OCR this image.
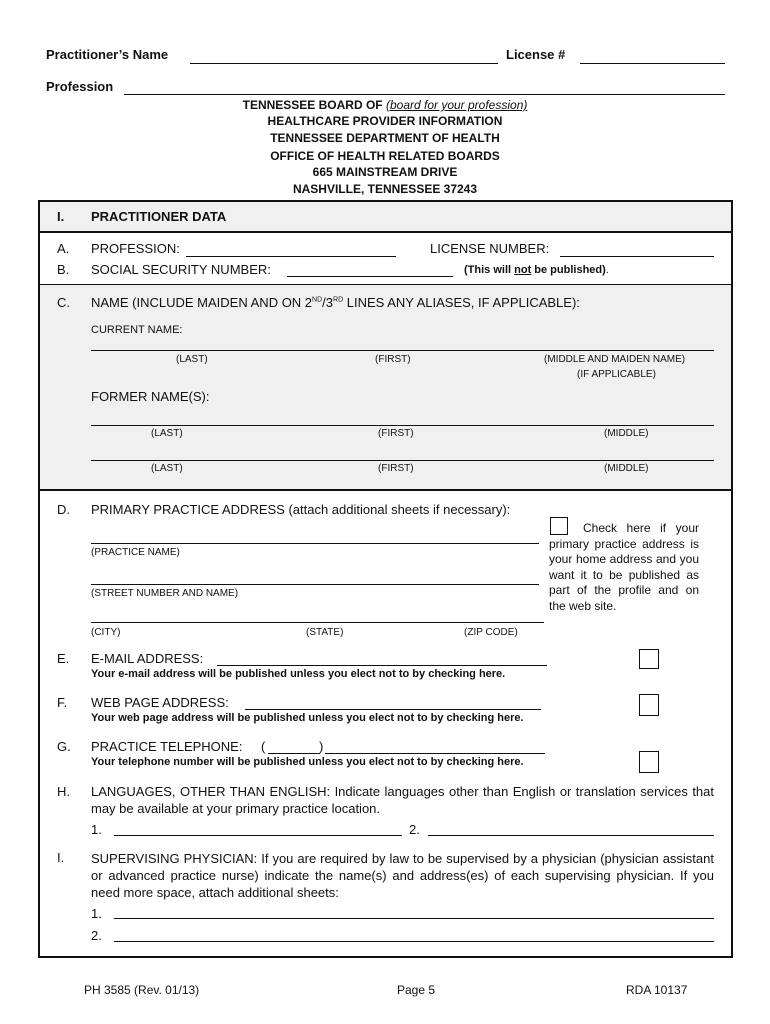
Practitioner’s Name	License #
Profession
TENNESSEE BOARD OF (board for your profession)
HEALTHCARE PROVIDER INFORMATION
TENNESSEE DEPARTMENT OF HEALTH
OFFICE OF HEALTH RELATED BOARDS
665 MAINSTREAM DRIVE
NASHVILLE, TENNESSEE 37243
I. PRACTITIONER DATA
A. PROFESSION:	LICENSE NUMBER:
B. SOCIAL SECURITY NUMBER:	(This will not be published).
C. NAME (INCLUDE MAIDEN AND ON 2ND/3RD LINES ANY ALIASES, IF APPLICABLE):
CURRENT NAME:
(LAST)	(FIRST)	(MIDDLE AND MAIDEN NAME)
(IF APPLICABLE)
FORMER NAME(S):
(LAST)	(FIRST)	(MIDDLE)
(LAST)	(FIRST)	(MIDDLE)
D. PRIMARY PRACTICE ADDRESS (attach additional sheets if necessary):
(PRACTICE NAME)
(STREET NUMBER AND NAME)
(CITY)	(STATE)	(ZIP CODE)
Check here if your primary practice address is your home address and you want it to be published as part of the profile and on the web site.
E. E-MAIL ADDRESS:
Your e-mail address will be published unless you elect not to by checking here.
F. WEB PAGE ADDRESS:
Your web page address will be published unless you elect not to by checking here.
G. PRACTICE TELEPHONE: (	)
Your telephone number will be published unless you elect not to by checking here.
H. LANGUAGES, OTHER THAN ENGLISH: Indicate languages other than English or translation services that may be available at your primary practice location.
1.	2.
I. SUPERVISING PHYSICIAN: If you are required by law to be supervised by a physician (physician assistant or advanced practice nurse) indicate the name(s) and address(es) of each supervising physician. If you need more space, attach additional sheets:
1.
2.
PH 3585 (Rev. 01/13)	Page 5	RDA 10137
